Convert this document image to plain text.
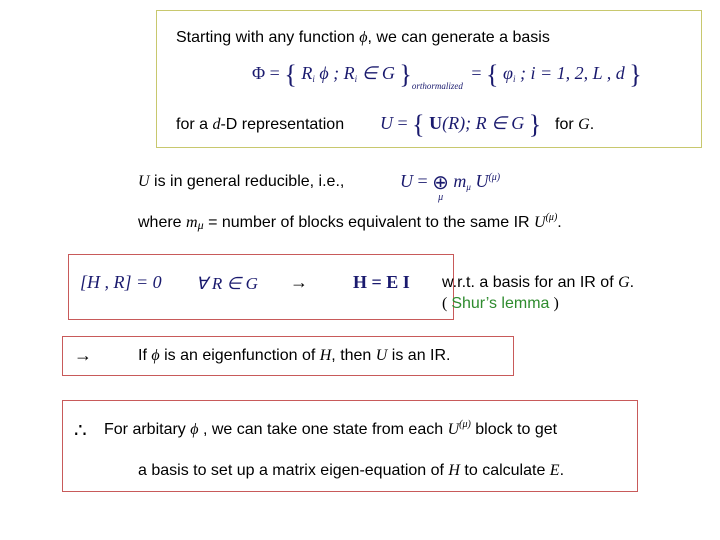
Starting with any function ϕ, we can generate a basis
Φ = { $R_i$ ϕ ; $R_i$ ∈ G }$_{orthormalized}$ = { $\varphi_i$ ; i = 1, 2, L , d }
for a d-D representation U = { U(R); R ∈ G } for G.
U is in general reducible, i.e.,	U = ⊕
μ
$m_\mu$ $U^{(\mu)}$
where mμ = number of blocks equivalent to the same IR $U^{(\mu)}$.
[H , R] = 0 ∀ R ∈ G →	H = E I w.r.t. a basis for an IR of G.
( Shur’s lemma )
→	If ϕ is an eigenfunction of H, then U is an IR.
∴ For arbitary ϕ , we can take one state from each $U^{(\mu)}$ block to get
a basis to set up a matrix eigen-equation of H to calculate E.
